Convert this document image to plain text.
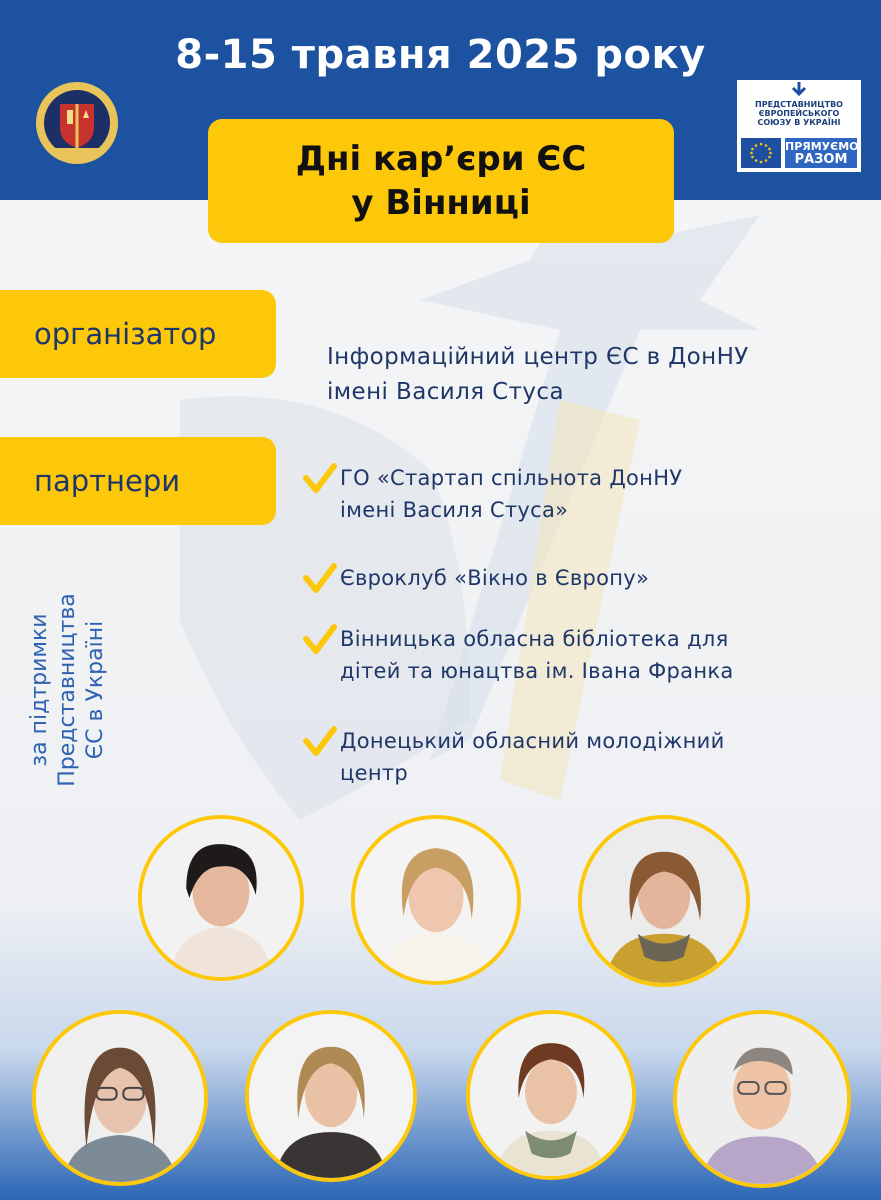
8-15 травня 2025 року
Дні кар’єри ЄС
у Вінниці
ПРЕДСТАВНИЦТВО ЄВРОПЕЙСЬКОГО СОЮЗУ В УКРАЇНІ
ПРЯМУЄМО
РАЗОМ
організатор
Інформаційний центр ЄС в ДонНУ
імені Василя Стуса
партнери	ГО «Стартап спільнота ДонНУ
імені Василя Стуса»
Євроклуб «Вікно в Європу»
Вінницька обласна бібліотека для
дітей та юнацтва ім. Івана Франка
Донецький обласний молодіжний
центр
за підтримки Представництва ЄС в Україні
